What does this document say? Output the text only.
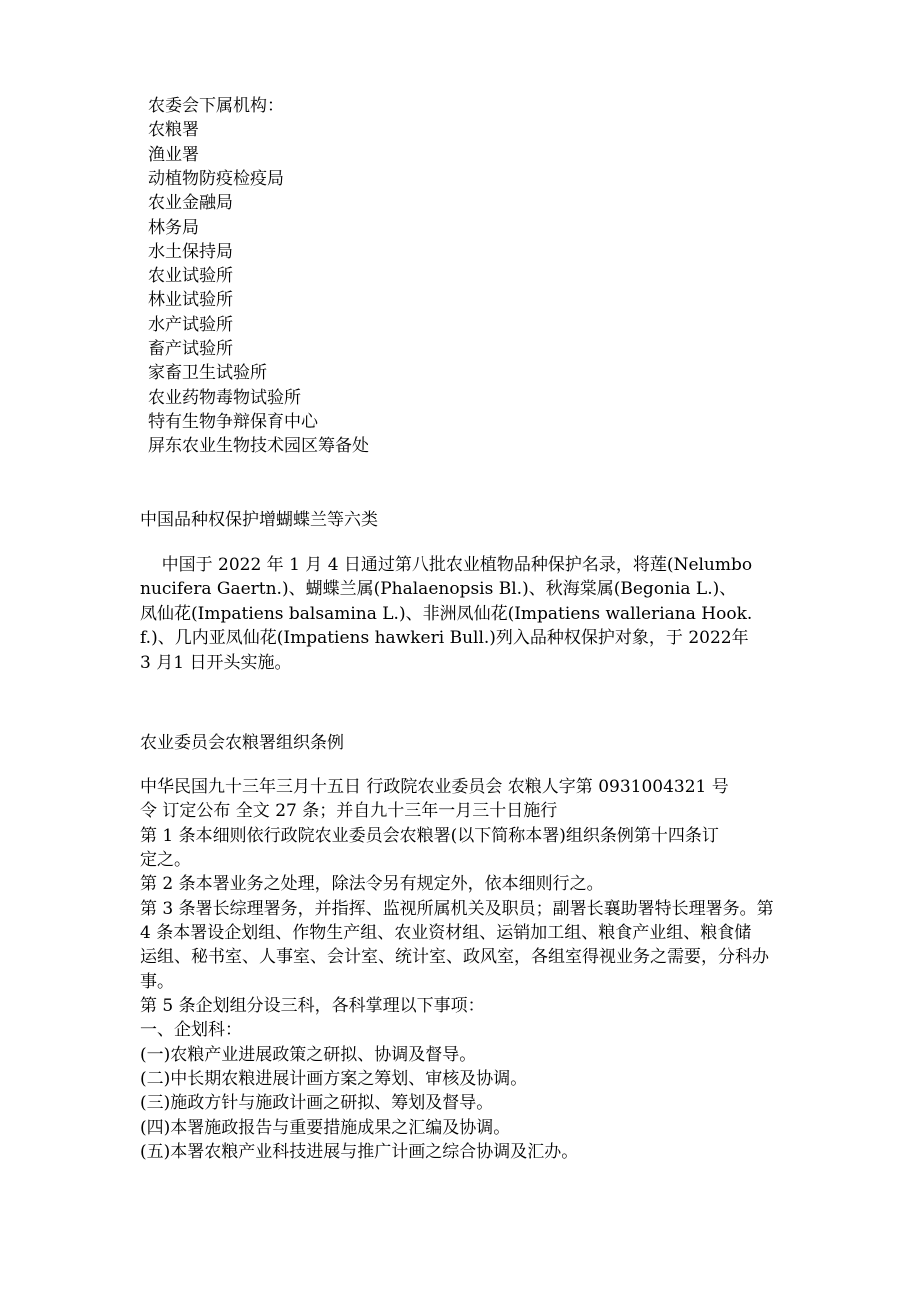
农委会下属机构：
农粮署
渔业署
动植物防疫检疫局
农业金融局
林务局
水土保持局
农业试验所
林业试验所
水产试验所
畜产试验所
家畜卫生试验所
农业药物毒物试验所
特有生物争辩保育中心
屏东农业生物技术园区筹备处
中国品种权保护增蝴蝶兰等六类
中国于 2022 年 1 月 4 日通过第八批农业植物品种保护名录，将莲(Nelumbo
nucifera Gaertn.)、蝴蝶兰属(Phalaenopsis Bl.)、秋海棠属(Begonia L.)、
凤仙花(Impatiens balsamina L.)、非洲凤仙花(Impatiens walleriana Hook.
f.)、几内亚凤仙花(Impatiens hawkeri Bull.)列入品种权保护对象，于 2022年
3 月1 日开头实施。
农业委员会农粮署组织条例
中华民国九十三年三月十五日 行政院农业委员会 农粮人字第 0931004321 号
令 订定公布 全文 27 条；并自九十三年一月三十日施行
第 1 条本细则依行政院农业委员会农粮署(以下简称本署)组织条例第十四条订
定之。
第 2 条本署业务之处理，除法令另有规定外，依本细则行之。
第 3 条署长综理署务，并指挥、监视所属机关及职员；副署长襄助署特长理署务。第
4 条本署设企划组、作物生产组、农业资材组、运销加工组、粮食产业组、粮食储
运组、秘书室、人事室、会计室、统计室、政风室，各组室得视业务之需要，分科办
事。
第 5 条企划组分设三科，各科掌理以下事项：
一、企划科：
(一)农粮产业进展政策之研拟、协调及督导。
(二)中长期农粮进展计画方案之筹划、审核及协调。
(三)施政方针与施政计画之研拟、筹划及督导。
(四)本署施政报告与重要措施成果之汇编及协调。
(五)本署农粮产业科技进展与推广计画之综合协调及汇办。
